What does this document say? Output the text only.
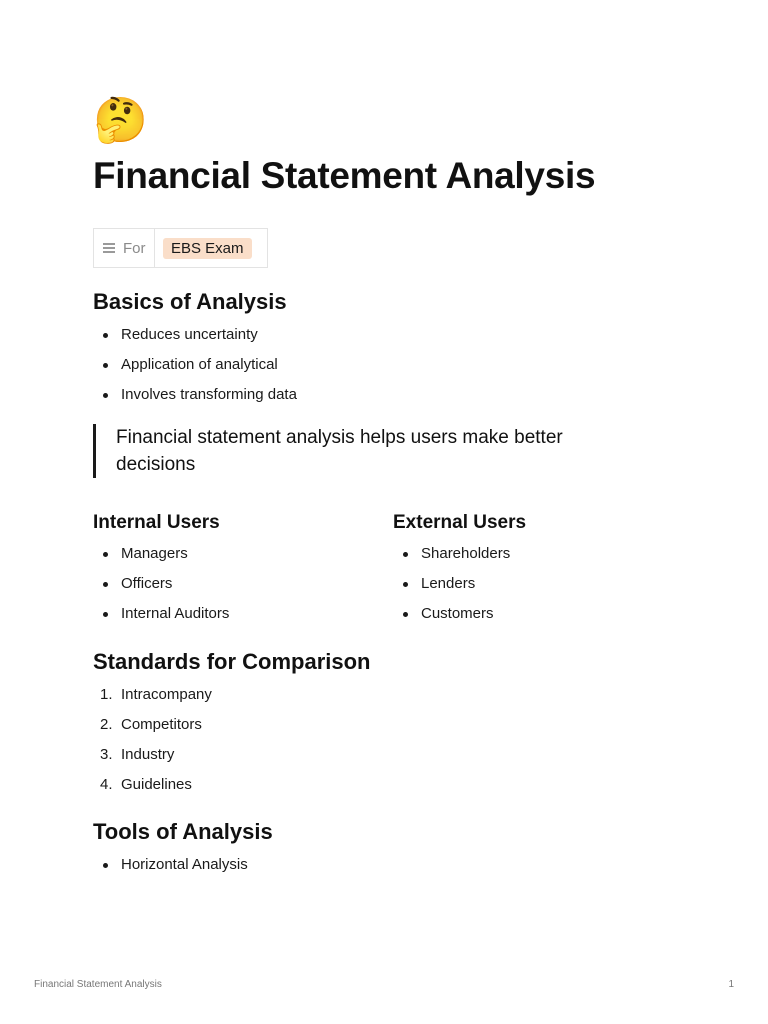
🤔
Financial Statement Analysis
For	EBS Exam
Basics of Analysis
Reduces uncertainty
Application of analytical
Involves transforming data
Financial statement analysis helps users make better decisions
Internal Users
Managers
Officers
Internal Auditors
External Users
Shareholders
Lenders
Customers
Standards for Comparison
1. Intracompany
2. Competitors
3. Industry
4. Guidelines
Tools of Analysis
Horizontal Analysis
Financial Statement Analysis	1
